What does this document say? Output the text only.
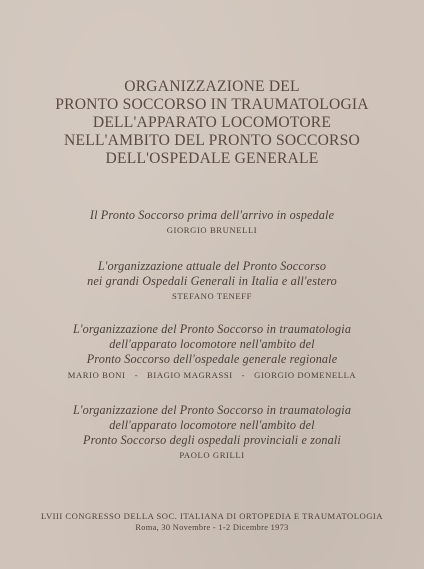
ORGANIZZAZIONE DEL
PRONTO SOCCORSO IN TRAUMATOLOGIA
DELL'APPARATO LOCOMOTORE
NELL'AMBITO DEL PRONTO SOCCORSO
DELL'OSPEDALE GENERALE
Il Pronto Soccorso prima dell'arrivo in ospedale
GIORGIO BRUNELLI
L'organizzazione attuale del Pronto Soccorso
nei grandi Ospedali Generali in Italia e all'estero
STEFANO TENEFF
L'organizzazione del Pronto Soccorso in traumatologia
dell'apparato locomotore nell'ambito del
Pronto Soccorso dell'ospedale generale regionale
MARIO BONI - BIAGIO MAGRASSI - GIORGIO DOMENELLA
L'organizzazione del Pronto Soccorso in traumatologia
dell'apparato locomotore nell'ambito del
Pronto Soccorso degli ospedali provinciali e zonali
PAOLO GRILLI
LVIII CONGRESSO DELLA SOC. ITALIANA DI ORTOPEDIA E TRAUMATOLOGIA
Roma, 30 Novembre - 1-2 Dicembre 1973
